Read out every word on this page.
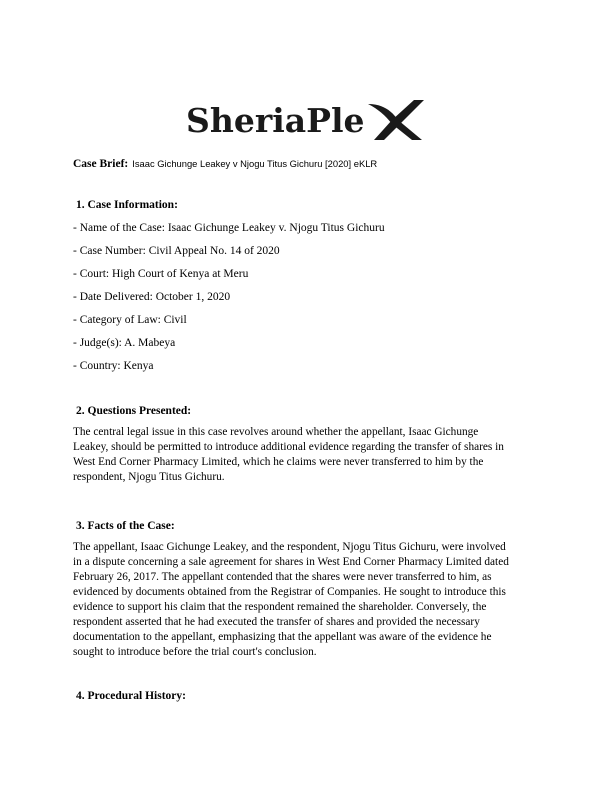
SheriaPle
Case Brief: Isaac Gichunge Leakey v Njogu Titus Gichuru [2020] eKLR
1. Case Information:
- Name of the Case: Isaac Gichunge Leakey v. Njogu Titus Gichuru
- Case Number: Civil Appeal No. 14 of 2020
- Court: High Court of Kenya at Meru
- Date Delivered: October 1, 2020
- Category of Law: Civil
- Judge(s): A. Mabeya
- Country: Kenya
2. Questions Presented:
The central legal issue in this case revolves around whether the appellant, Isaac Gichunge
Leakey, should be permitted to introduce additional evidence regarding the transfer of shares in
West End Corner Pharmacy Limited, which he claims were never transferred to him by the
respondent, Njogu Titus Gichuru.
3. Facts of the Case:
The appellant, Isaac Gichunge Leakey, and the respondent, Njogu Titus Gichuru, were involved
in a dispute concerning a sale agreement for shares in West End Corner Pharmacy Limited dated
February 26, 2017. The appellant contended that the shares were never transferred to him, as
evidenced by documents obtained from the Registrar of Companies. He sought to introduce this
evidence to support his claim that the respondent remained the shareholder. Conversely, the
respondent asserted that he had executed the transfer of shares and provided the necessary
documentation to the appellant, emphasizing that the appellant was aware of the evidence he
sought to introduce before the trial court's conclusion.
4. Procedural History:
